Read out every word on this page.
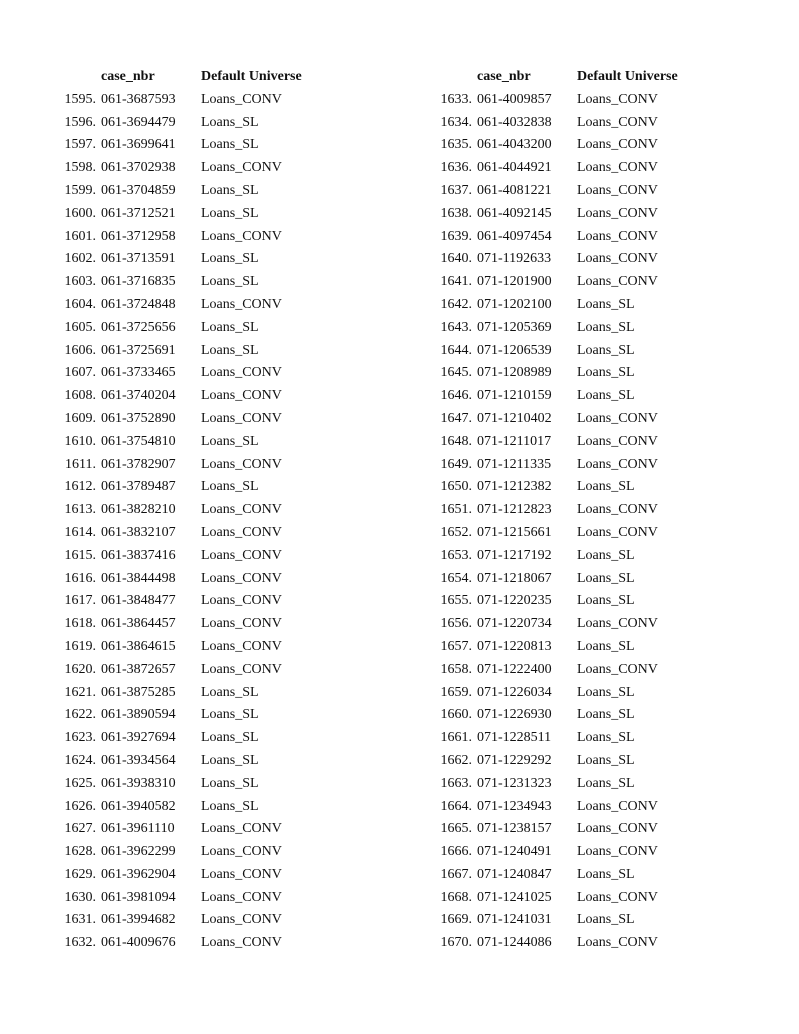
case_nbr	Default Universe
1595. 061-3687593 Loans_CONV
1596. 061-3694479 Loans_SL
1597. 061-3699641 Loans_SL
1598. 061-3702938 Loans_CONV
1599. 061-3704859 Loans_SL
1600. 061-3712521 Loans_SL
1601. 061-3712958 Loans_CONV
1602. 061-3713591 Loans_SL
1603. 061-3716835 Loans_SL
1604. 061-3724848 Loans_CONV
1605. 061-3725656 Loans_SL
1606. 061-3725691 Loans_SL
1607. 061-3733465 Loans_CONV
1608. 061-3740204 Loans_CONV
1609. 061-3752890 Loans_CONV
1610. 061-3754810 Loans_SL
1611. 061-3782907 Loans_CONV
1612. 061-3789487 Loans_SL
1613. 061-3828210 Loans_CONV
1614. 061-3832107 Loans_CONV
1615. 061-3837416 Loans_CONV
1616. 061-3844498 Loans_CONV
1617. 061-3848477 Loans_CONV
1618. 061-3864457 Loans_CONV
1619. 061-3864615 Loans_CONV
1620. 061-3872657 Loans_CONV
1621. 061-3875285 Loans_SL
1622. 061-3890594 Loans_SL
1623. 061-3927694 Loans_SL
1624. 061-3934564 Loans_SL
1625. 061-3938310 Loans_SL
1626. 061-3940582 Loans_SL
1627. 061-3961110 Loans_CONV
1628. 061-3962299 Loans_CONV
1629. 061-3962904 Loans_CONV
1630. 061-3981094 Loans_CONV
1631. 061-3994682 Loans_CONV
1632. 061-4009676 Loans_CONV
case_nbr	Default Universe
1633. 061-4009857 Loans_CONV
1634. 061-4032838 Loans_CONV
1635. 061-4043200 Loans_CONV
1636. 061-4044921 Loans_CONV
1637. 061-4081221 Loans_CONV
1638. 061-4092145 Loans_CONV
1639. 061-4097454 Loans_CONV
1640. 071-1192633 Loans_CONV
1641. 071-1201900 Loans_CONV
1642. 071-1202100 Loans_SL
1643. 071-1205369 Loans_SL
1644. 071-1206539 Loans_SL
1645. 071-1208989 Loans_SL
1646. 071-1210159 Loans_SL
1647. 071-1210402 Loans_CONV
1648. 071-1211017 Loans_CONV
1649. 071-1211335 Loans_CONV
1650. 071-1212382 Loans_SL
1651. 071-1212823 Loans_CONV
1652. 071-1215661 Loans_CONV
1653. 071-1217192 Loans_SL
1654. 071-1218067 Loans_SL
1655. 071-1220235 Loans_SL
1656. 071-1220734 Loans_CONV
1657. 071-1220813 Loans_SL
1658. 071-1222400 Loans_CONV
1659. 071-1226034 Loans_SL
1660. 071-1226930 Loans_SL
1661. 071-1228511 Loans_SL
1662. 071-1229292 Loans_SL
1663. 071-1231323 Loans_SL
1664. 071-1234943 Loans_CONV
1665. 071-1238157 Loans_CONV
1666. 071-1240491 Loans_CONV
1667. 071-1240847 Loans_SL
1668. 071-1241025 Loans_CONV
1669. 071-1241031 Loans_SL
1670. 071-1244086 Loans_CONV
